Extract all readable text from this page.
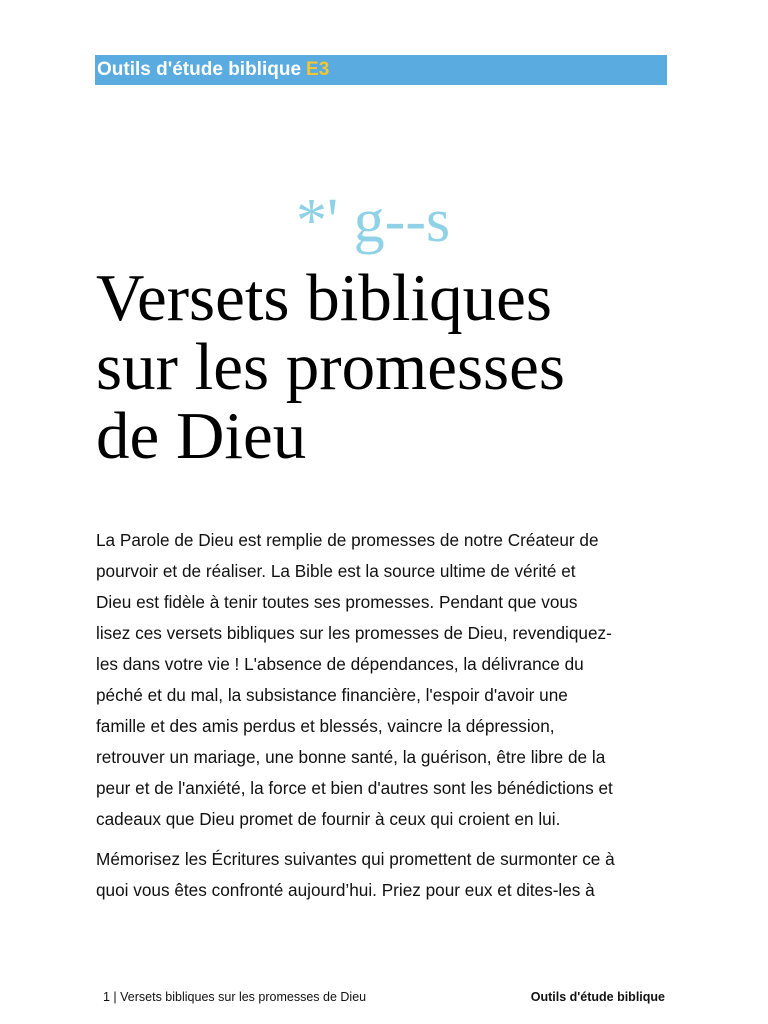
Outils d'étude biblique E3
*' g--s
Versets bibliques
sur les promesses
de Dieu
La Parole de Dieu est remplie de promesses de notre Créateur de
pourvoir et de réaliser. La Bible est la source ultime de vérité et
Dieu est fidèle à tenir toutes ses promesses. Pendant que vous
lisez ces versets bibliques sur les promesses de Dieu, revendiquez-
les dans votre vie ! L'absence de dépendances, la délivrance du
péché et du mal, la subsistance financière, l'espoir d'avoir une
famille et des amis perdus et blessés, vaincre la dépression,
retrouver un mariage, une bonne santé, la guérison, être libre de la
peur et de l'anxiété, la force et bien d'autres sont les bénédictions et
cadeaux que Dieu promet de fournir à ceux qui croient en lui.
Mémorisez les Écritures suivantes qui promettent de surmonter ce à
quoi vous êtes confronté aujourd’hui. Priez pour eux et dites-les à
1 | Versets bibliques sur les promesses de Dieu	Outils d'étude biblique
